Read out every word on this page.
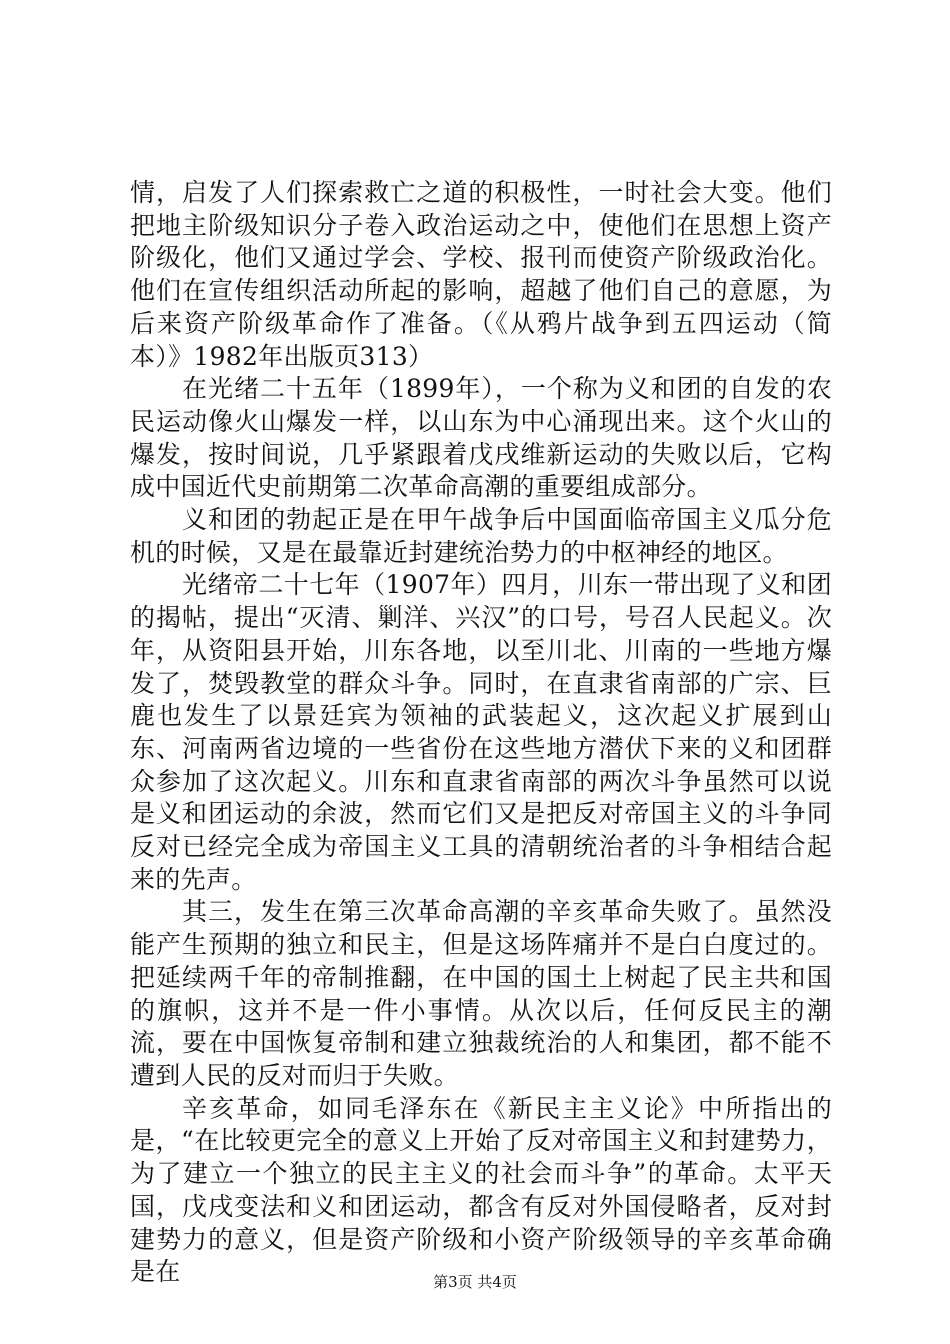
情，启发了人们探索救亡之道的积极性，一时社会大变。他们把地主阶级知识分子卷入政治运动之中，使他们在思想上资产阶级化，他们又通过学会、学校、报刊而使资产阶级政治化。他们在宣传组织活动所起的影响，超越了他们自己的意愿，为后来资产阶级革命作了准备。（《从鸦片战争到五四运动（简本）》1982年出版页313）

在光绪二十五年（1899年），一个称为义和团的自发的农民运动像火山爆发一样，以山东为中心涌现出来。这个火山的爆发，按时间说，几乎紧跟着戊戌维新运动的失败以后，它构成中国近代史前期第二次革命高潮的重要组成部分。

义和团的勃起正是在甲午战争后中国面临帝国主义瓜分危机的时候，又是在最靠近封建统治势力的中枢神经的地区。

光绪帝二十七年（1907年）四月，川东一带出现了义和团的揭帖，提出“灭清、剿洋、兴汉”的口号，号召人民起义。次年，从资阳县开始，川东各地，以至川北、川南的一些地方爆发了，焚毁教堂的群众斗争。同时，在直隶省南部的广宗、巨鹿也发生了以景廷宾为领袖的武装起义，这次起义扩展到山东、河南两省边境的一些省份在这些地方潜伏下来的义和团群众参加了这次起义。川东和直隶省南部的两次斗争虽然可以说是义和团运动的余波，然而它们又是把反对帝国主义的斗争同反对已经完全成为帝国主义工具的清朝统治者的斗争相结合起来的先声。

其三，发生在第三次革命高潮的辛亥革命失败了。虽然没能产生预期的独立和民主，但是这场阵痛并不是白白度过的。把延续两千年的帝制推翻，在中国的国土上树起了民主共和国的旗帜，这并不是一件小事情。从次以后，任何反民主的潮流，要在中国恢复帝制和建立独裁统治的人和集团，都不能不遭到人民的反对而归于失败。

辛亥革命，如同毛泽东在《新民主主义论》中所指出的是，“在比较更完全的意义上开始了反对帝国主义和封建势力，为了建立一个独立的民主主义的社会而斗争”的革命。太平天国，戊戌变法和义和团运动，都含有反对外国侵略者，反对封建势力的意义，但是资产阶级和小资产阶级领导的辛亥革命确是在	第3页 共4页
